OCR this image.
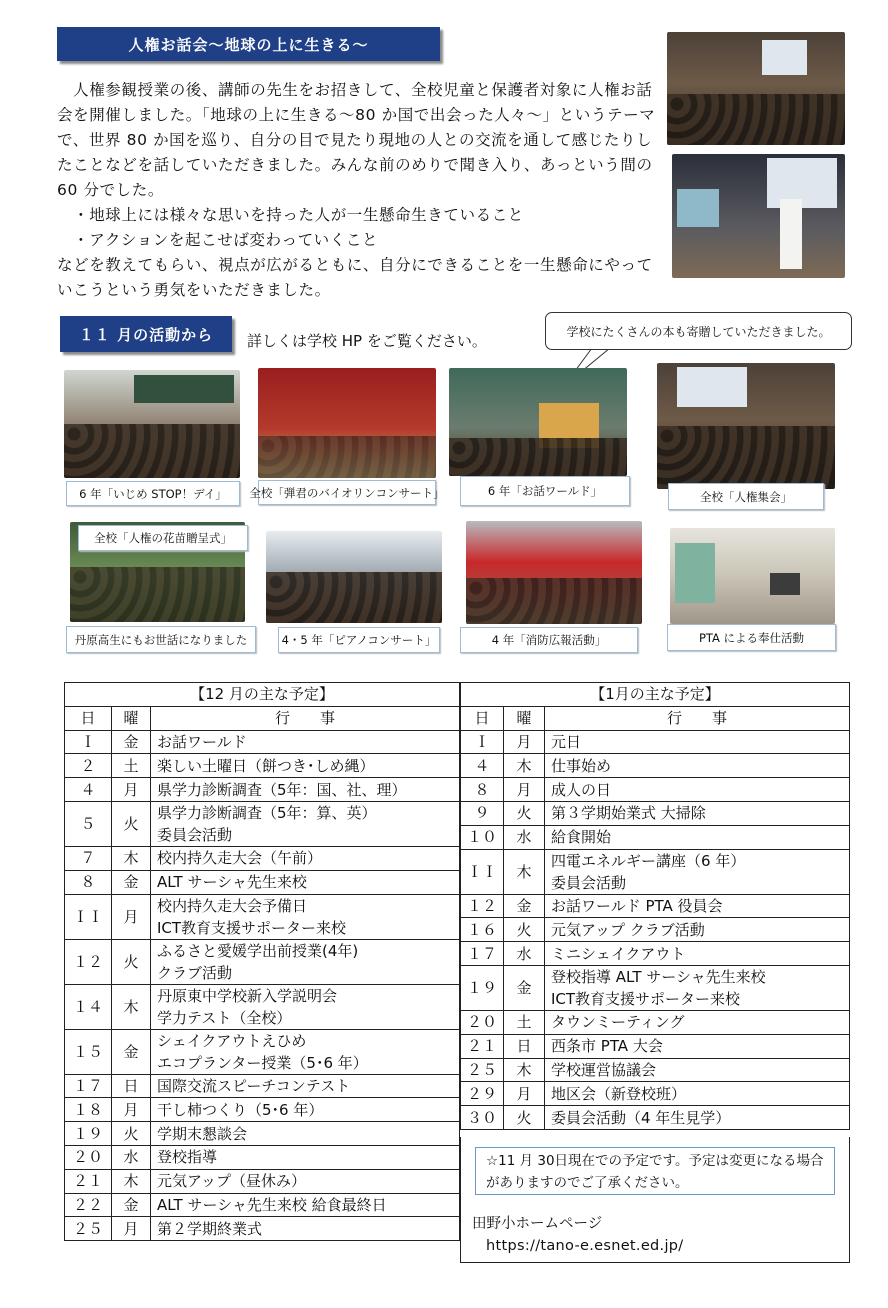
人権お話会〜地球の上に生きる〜

　人権参観授業の後、講師の先生をお招きして、全校児童と保護者対象に人権お話会を開催しました。「地球の上に生きる〜80 か国で出会った人々〜」というテーマで、世界 80 か国を巡り、自分の目で見たり現地の人との交流を通して感じたりしたことなどを話していただきました。みんな前のめりで聞き入り、あっという間の 60 分でした。

　・地球上には様々な思いを持った人が一生懸命生きていること

　・アクションを起こせば変わっていくこと

などを教えてもらい、視点が広がるともに、自分にできることを一生懸命にやっていこうという勇気をいただきました。

１１ 月の活動から 詳しくは学校 HP をご覧ください。
学校にたくさんの本も寄贈していただきました。
6 年「いじめ STOP！デイ」	全校「弾君のバイオリンコンサート」	6 年「お話ワールド」	全校「人権集会」
全校「人権の花苗贈呈式」
丹原高生にもお世話になりました	4・5 年「ピアノコンサート」	4 年「消防広報活動」	PTA による奉仕活動
【12 月の主な予定】		
日	曜	行　　事
Ｉ	金	お話ワールド
２	土	楽しい土曜日（餅つき･しめ縄）
４	月	県学力診断調査（5年：国、社、理）
５	火	県学力診断調査（5年：算、英）
委員会活動
７	木	校内持久走大会（午前）
８	金	ALT サーシャ先生来校
ＩＩ	月	校内持久走大会予備日
ICT教育支援サポーター来校
１２	火	ふるさと愛媛学出前授業(4年)
クラブ活動
１４	木	丹原東中学校新入学説明会
学力テスト（全校）
１５	金	シェイクアウトえひめ
エコプランター授業（5･6 年）
１７	日	国際交流スピーチコンテスト
１８	月	干し柿つくり（5･6 年）
１９	火	学期末懇談会
２０	水	登校指導
２１	木	元気アップ（昼休み）
２２	金	ALT サーシャ先生来校 給食最終日
２５	月	第２学期終業式
【1月の主な予定】		
日	曜	行　　事
Ｉ	月	元日
４	木	仕事始め
８	月	成人の日
９	火	第３学期始業式 大掃除
１０	水	給食開始
ＩＩ	木	四電エネルギー講座（6 年）
委員会活動
１２	金	お話ワールド PTA 役員会
１６	火	元気アップ クラブ活動
１７	水	ミニシェイクアウト
１９	金	登校指導 ALT サーシャ先生来校
ICT教育支援サポーター来校
２０	土	タウンミーティング
２１	日	西条市 PTA 大会
２５	木	学校運営協議会
２９	月	地区会（新登校班）
３０	火	委員会活動（4 年生見学）
☆11 月 30日現在での予定です。予定は変更になる場合がありますのでご了承ください。
田野小ホームページ
https://tano-e.esnet.ed.jp/
